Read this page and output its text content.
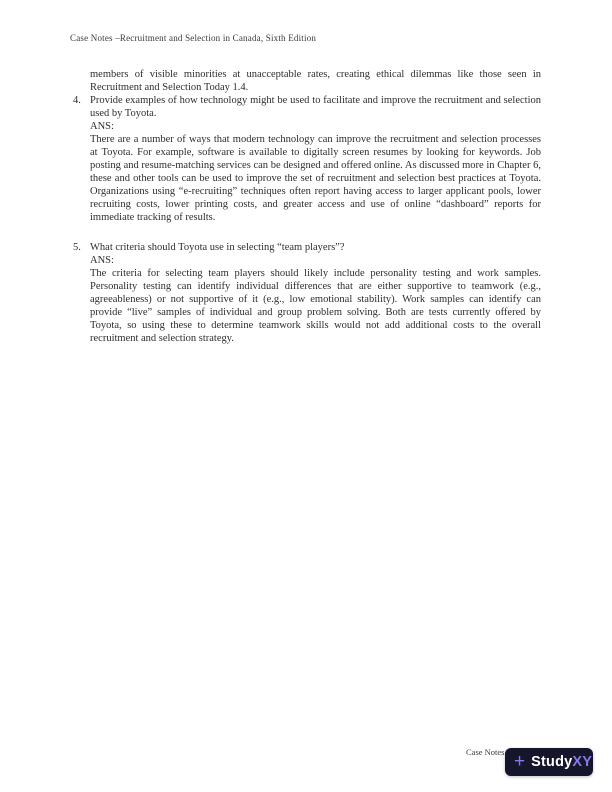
Case Notes –Recruitment and Selection in Canada, Sixth Edition

members of visible minorities at unacceptable rates, creating ethical dilemmas like those seen in Recruitment and Selection Today 1.4.

4. Provide examples of how technology might be used to facilitate and improve the recruitment and selection used by Toyota.

ANS:

There are a number of ways that modern technology can improve the recruitment and selection processes at Toyota. For example, software is available to digitally screen resumes by looking for keywords. Job posting and resume-matching services can be designed and offered online. As discussed more in Chapter 6, these and other tools can be used to improve the set of recruitment and selection best practices at Toyota. Organizations using “e-recruiting” techniques often report having access to larger applicant pools, lower recruiting costs, lower printing costs, and greater access and use of online “dashboard” reports for immediate tracking of results.

5. What criteria should Toyota use in selecting “team players”?

ANS:

The criteria for selecting team players should likely include personality testing and work samples. Personality testing can identify individual differences that are either supportive to teamwork (e.g., agreeableness) or not supportive of it (e.g., low emotional stability). Work samples can identify can provide “live” samples of individual and group problem solving. Both are tests currently offered by Toyota, so using these to determine teamwork skills would not add additional costs to the overall recruitment and selection strategy.

Case Notes + StudyXY
